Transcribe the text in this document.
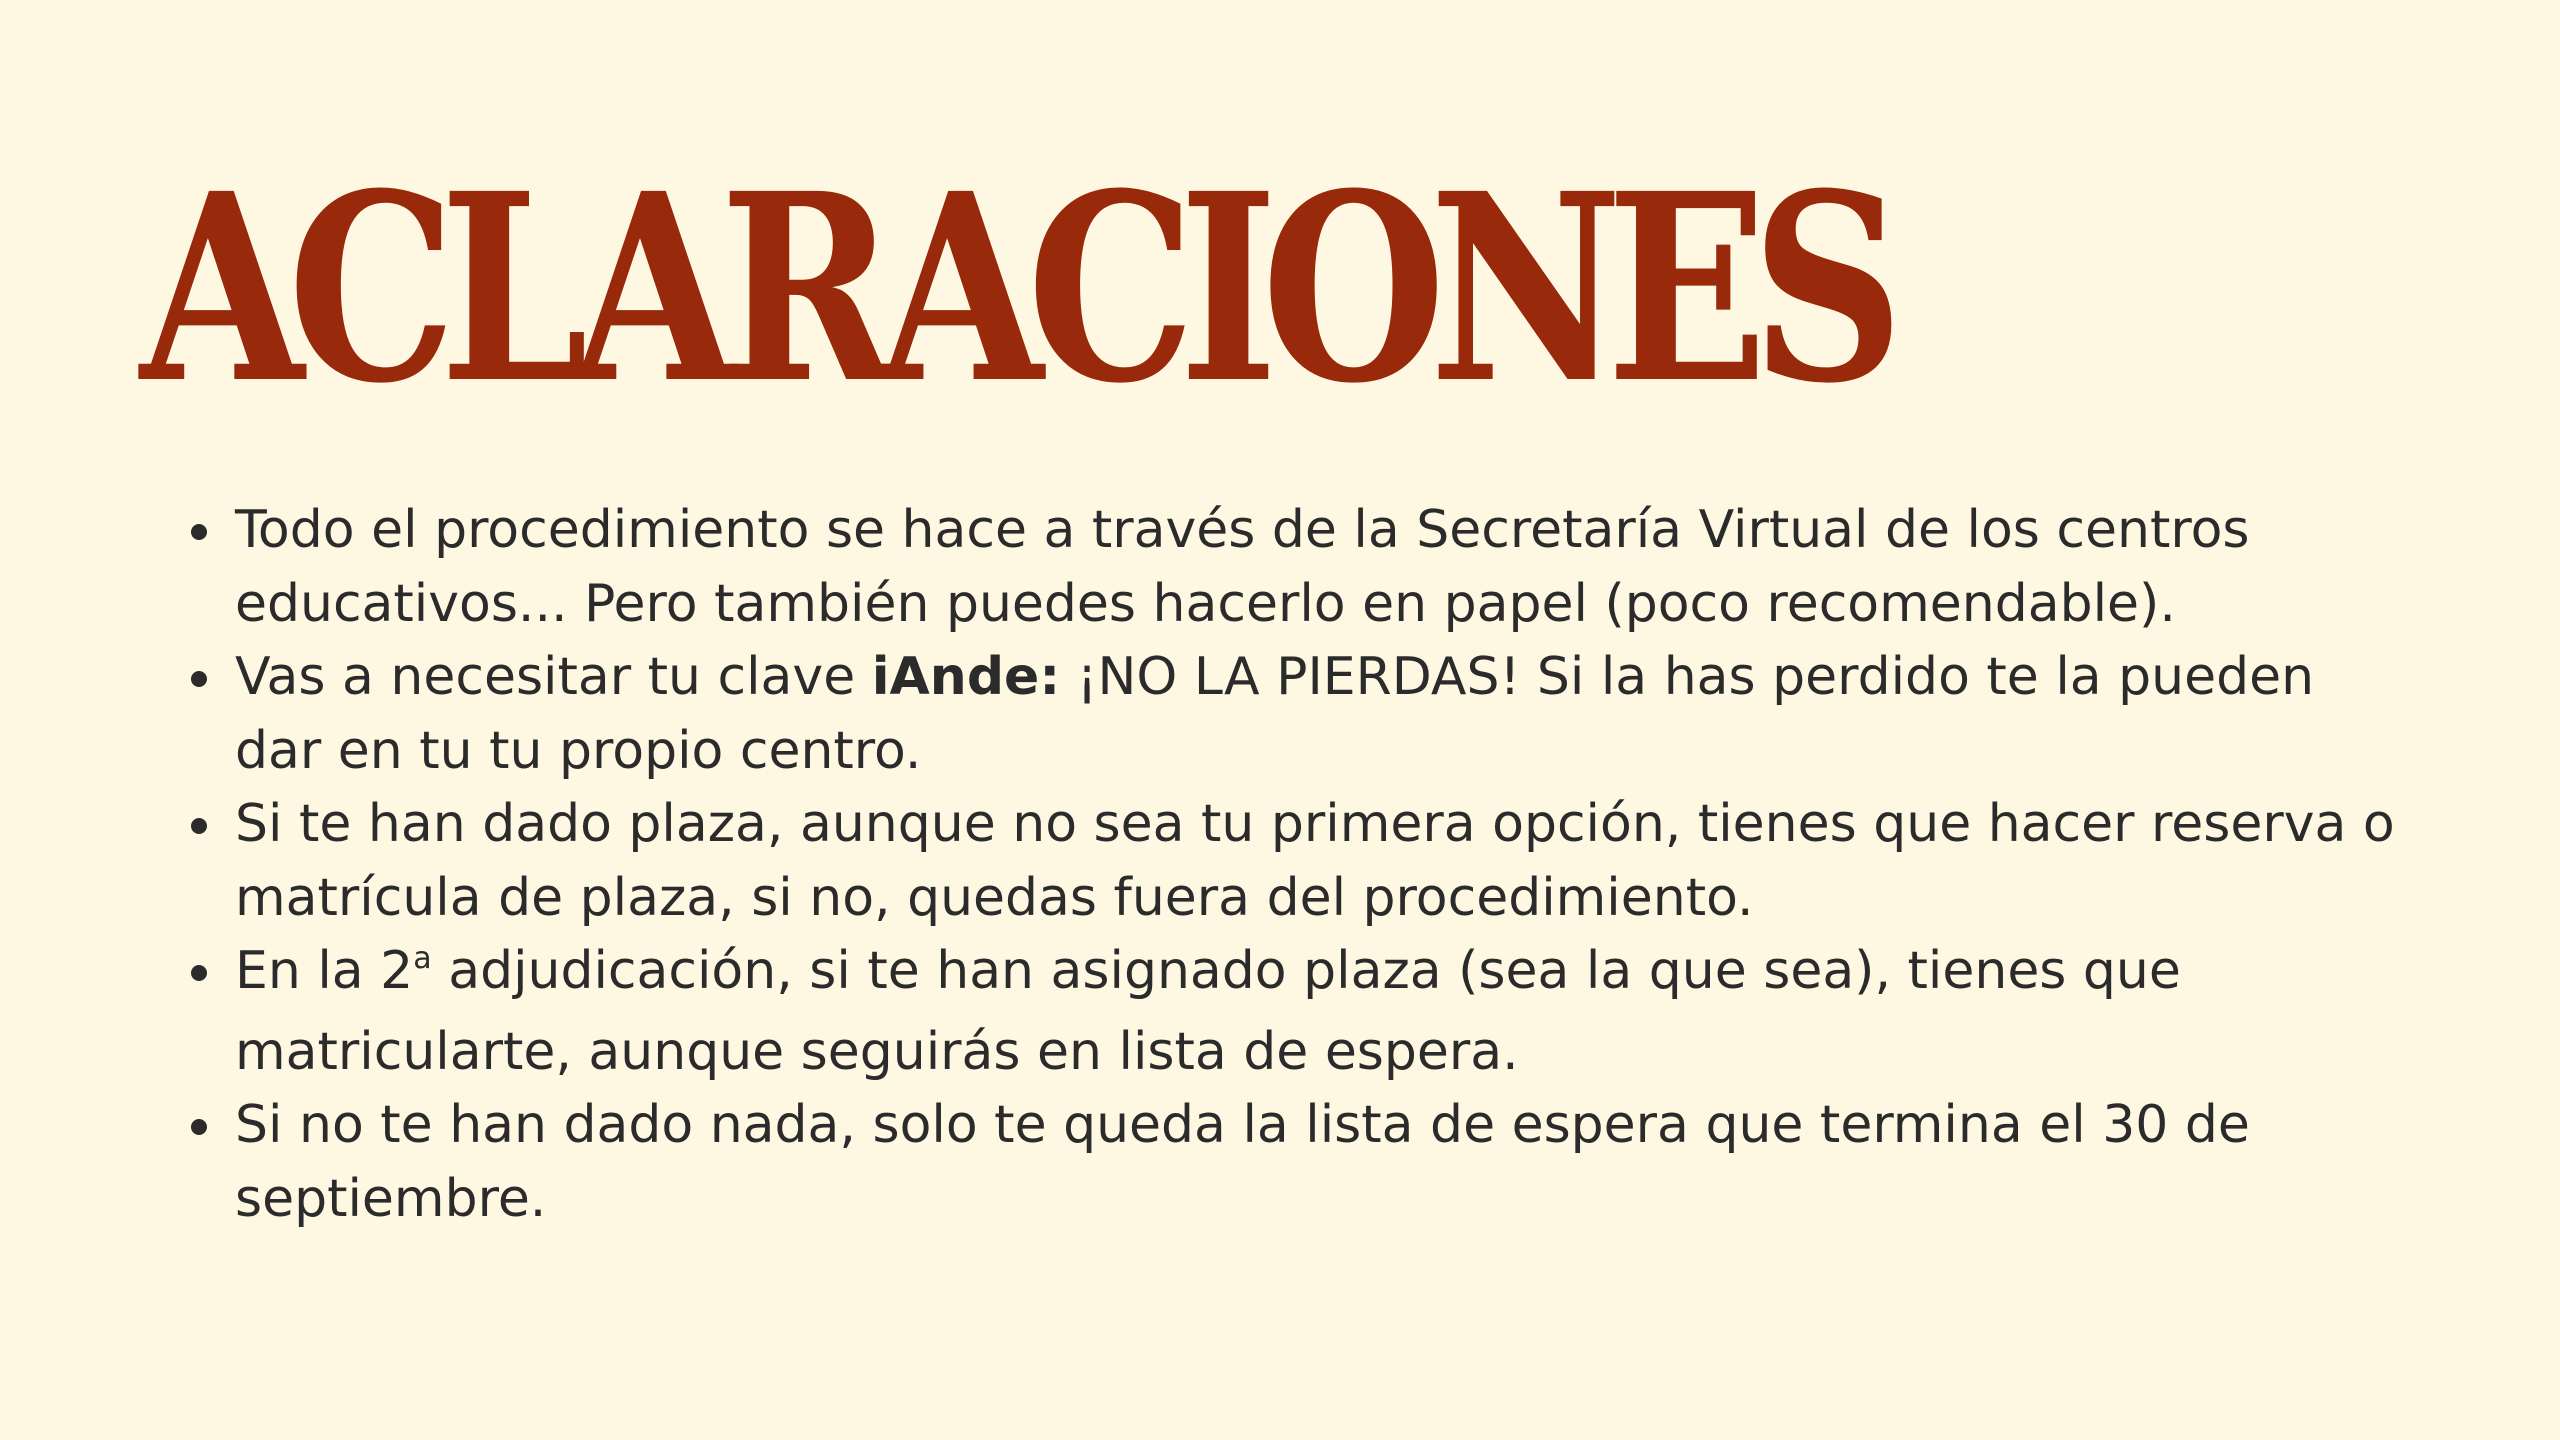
ACLARACIONES
Todo el procedimiento se hace a través de la Secretaría Virtual de los centros
educativos... Pero también puedes hacerlo en papel (poco recomendable).
Vas a necesitar tu clave iAnde: ¡NO LA PIERDAS! Si la has perdido te la pueden
dar en tu tu propio centro.
Si te han dado plaza, aunque no sea tu primera opción, tienes que hacer reserva o
matrícula de plaza, si no, quedas fuera del procedimiento.
En la 2$^a$ adjudicación, si te han asignado plaza (sea la que sea), tienes que
matricularte, aunque seguirás en lista de espera.
Si no te han dado nada, solo te queda la lista de espera que termina el 30 de
septiembre.
